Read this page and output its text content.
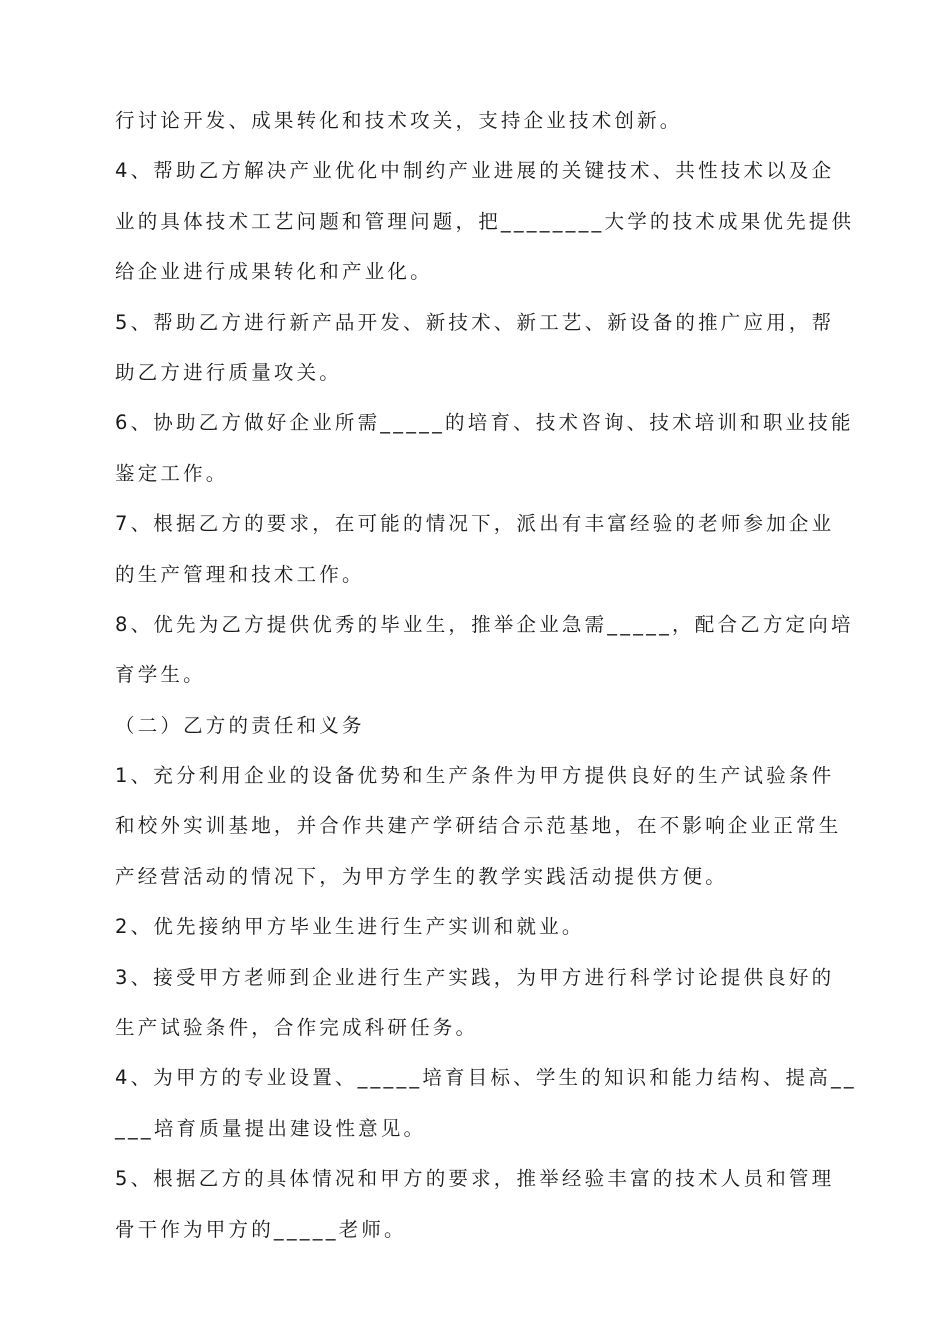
行讨论开发、成果转化和技术攻关，支持企业技术创新。
4、帮助乙方解决产业优化中制约产业进展的关键技术、共性技术以及企
业的具体技术工艺问题和管理问题，把________大学的技术成果优先提供
给企业进行成果转化和产业化。
5、帮助乙方进行新产品开发、新技术、新工艺、新设备的推广应用，帮
助乙方进行质量攻关。
6、协助乙方做好企业所需_____的培育、技术咨询、技术培训和职业技能
鉴定工作。
7、根据乙方的要求，在可能的情况下，派出有丰富经验的老师参加企业
的生产管理和技术工作。
8、优先为乙方提供优秀的毕业生，推举企业急需_____，配合乙方定向培
育学生。
（二）乙方的责任和义务
1、充分利用企业的设备优势和生产条件为甲方提供良好的生产试验条件
和校外实训基地，并合作共建产学研结合示范基地，在不影响企业正常生
产经营活动的情况下，为甲方学生的教学实践活动提供方便。
2、优先接纳甲方毕业生进行生产实训和就业。
3、接受甲方老师到企业进行生产实践，为甲方进行科学讨论提供良好的
生产试验条件，合作完成科研任务。
4、为甲方的专业设置、_____培育目标、学生的知识和能力结构、提高__
___培育质量提出建设性意见。
5、根据乙方的具体情况和甲方的要求，推举经验丰富的技术人员和管理
骨干作为甲方的_____老师。
